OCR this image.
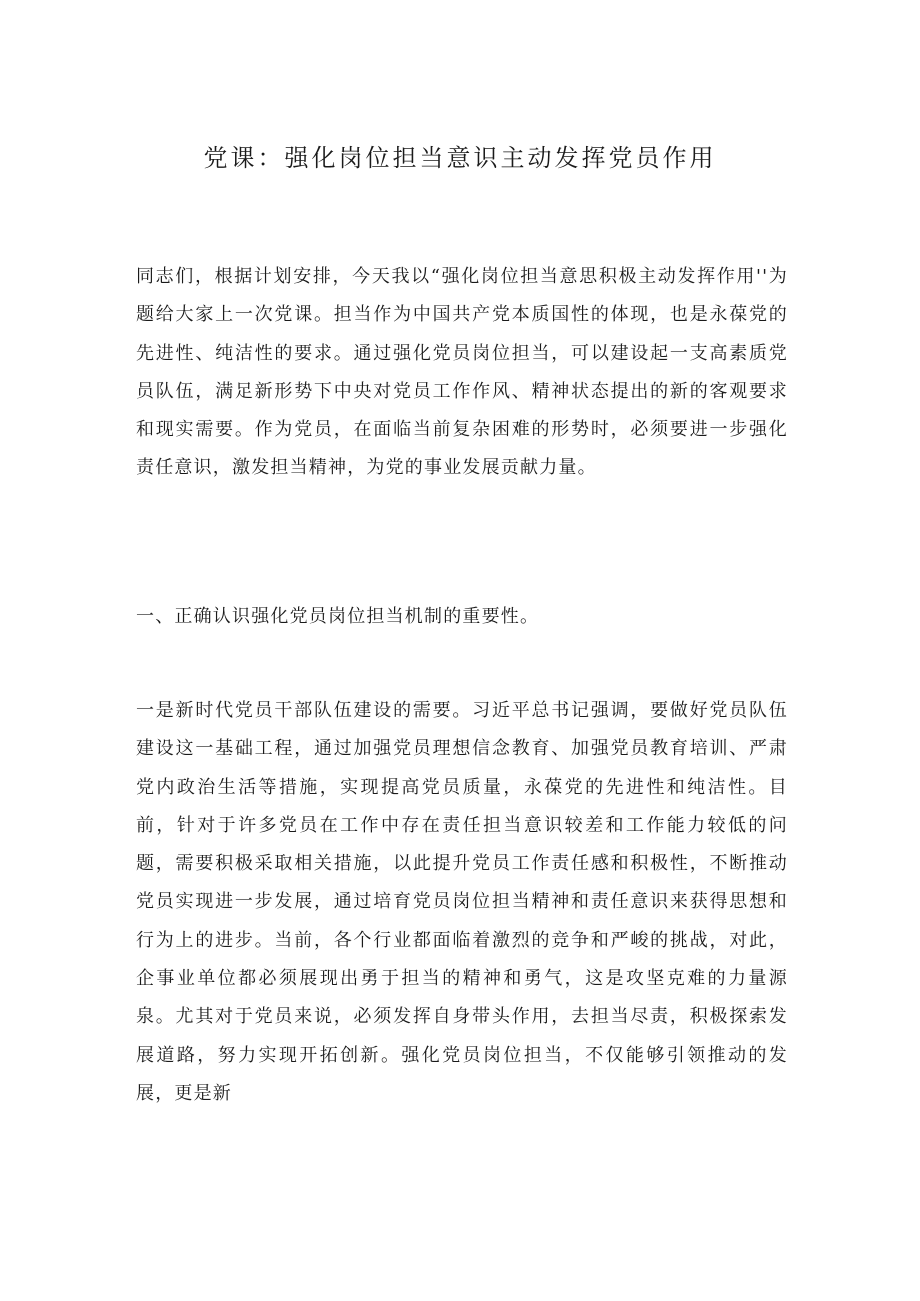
党课：强化岗位担当意识主动发挥党员作用

同志们，根据计划安排，今天我以“强化岗位担当意思积极主动发挥作用''为题给大家上一次党课。担当作为中国共产党本质国性的体现，也是永葆党的先进性、纯洁性的要求。通过强化党员岗位担当，可以建设起一支高素质党员队伍，满足新形势下中央对党员工作作风、精神状态提出的新的客观要求和现实需要。作为党员，在面临当前复杂困难的形势时，必须要进一步强化责任意识，激发担当精神，为党的事业发展贡献力量。

一、正确认识强化党员岗位担当机制的重要性。

一是新时代党员干部队伍建设的需要。习近平总书记强调，要做好党员队伍建设这一基础工程，通过加强党员理想信念教育、加强党员教育培训、严肃党内政治生活等措施，实现提高党员质量，永葆党的先进性和纯洁性。目前，针对于许多党员在工作中存在责任担当意识较差和工作能力较低的问题，需要积极采取相关措施，以此提升党员工作责任感和积极性，不断推动党员实现进一步发展，通过培育党员岗位担当精神和责任意识来获得思想和行为上的进步。当前，各个行业都面临着激烈的竞争和严峻的挑战，对此，企事业单位都必须展现出勇于担当的精神和勇气，这是攻坚克难的力量源泉。尤其对于党员来说，必须发挥自身带头作用，去担当尽责，积极探索发展道路，努力实现开拓创新。强化党员岗位担当，不仅能够引领推动的发展，更是新
